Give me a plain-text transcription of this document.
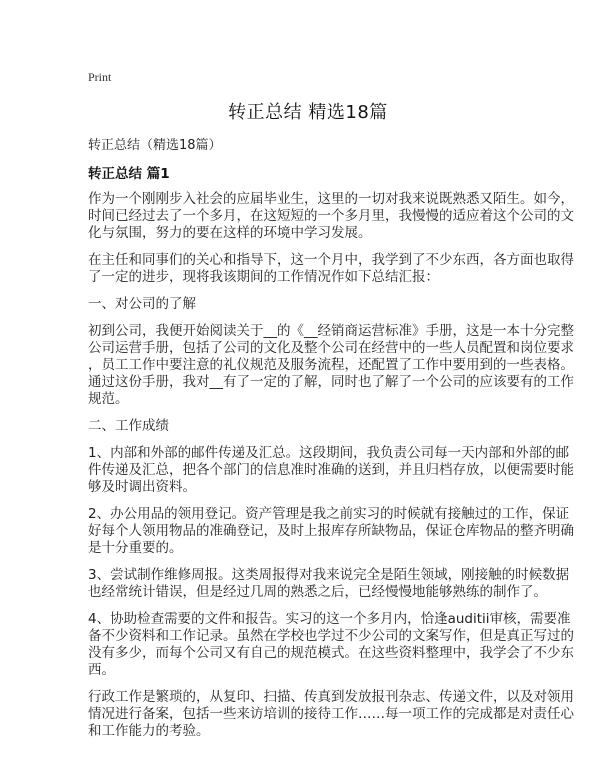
Print
转正总结 精选18篇
转正总结（精选18篇）
转正总结 篇1
作为一个刚刚步入社会的应届毕业生，这里的一切对我来说既熟悉又陌生。如今，
时间已经过去了一个多月，在这短短的一个多月里，我慢慢的适应着这个公司的文
化与氛围，努力的要在这样的环境中学习发展。
在主任和同事们的关心和指导下，这一个月中，我学到了不少东西，各方面也取得
了一定的进步，现将我该期间的工作情况作如下总结汇报：
一、对公司的了解
初到公司，我便开始阅读关于__的《__经销商运营标准》手册，这是一本十分完整
公司运营手册，包括了公司的文化及整个公司在经营中的一些人员配置和岗位要求
，员工工作中要注意的礼仪规范及服务流程，还配置了工作中要用到的一些表格。
通过这份手册，我对__有了一定的了解，同时也了解了一个公司的应该要有的工作
规范。
二、工作成绩
1、内部和外部的邮件传递及汇总。这段期间，我负责公司每一天内部和外部的邮
件传递及汇总，把各个部门的信息准时准确的送到，并且归档存放，以便需要时能
够及时调出资料。
2、办公用品的领用登记。资产管理是我之前实习的时候就有接触过的工作，保证
好每个人领用物品的准确登记，及时上报库存所缺物品，保证仓库物品的整齐明确
是十分重要的。
3、尝试制作维修周报。这类周报得对我来说完全是陌生领域，刚接触的时候数据
也经常统计错误，但是经过几周的熟悉之后，已经慢慢地能够熟练的制作了。
4、协助检查需要的文件和报告。实习的这一个多月内，恰逢auditii审核，需要准
备不少资料和工作记录。虽然在学校也学过不少公司的文案写作，但是真正写过的
没有多少，而每个公司又有自己的规范模式。在这些资料整理中，我学会了不少东
西。
行政工作是繁琐的，从复印、扫描、传真到发放报刊杂志、传递文件，以及对领用
情况进行备案，包括一些来访培训的接待工作……每一项工作的完成都是对责任心
和工作能力的考验。
